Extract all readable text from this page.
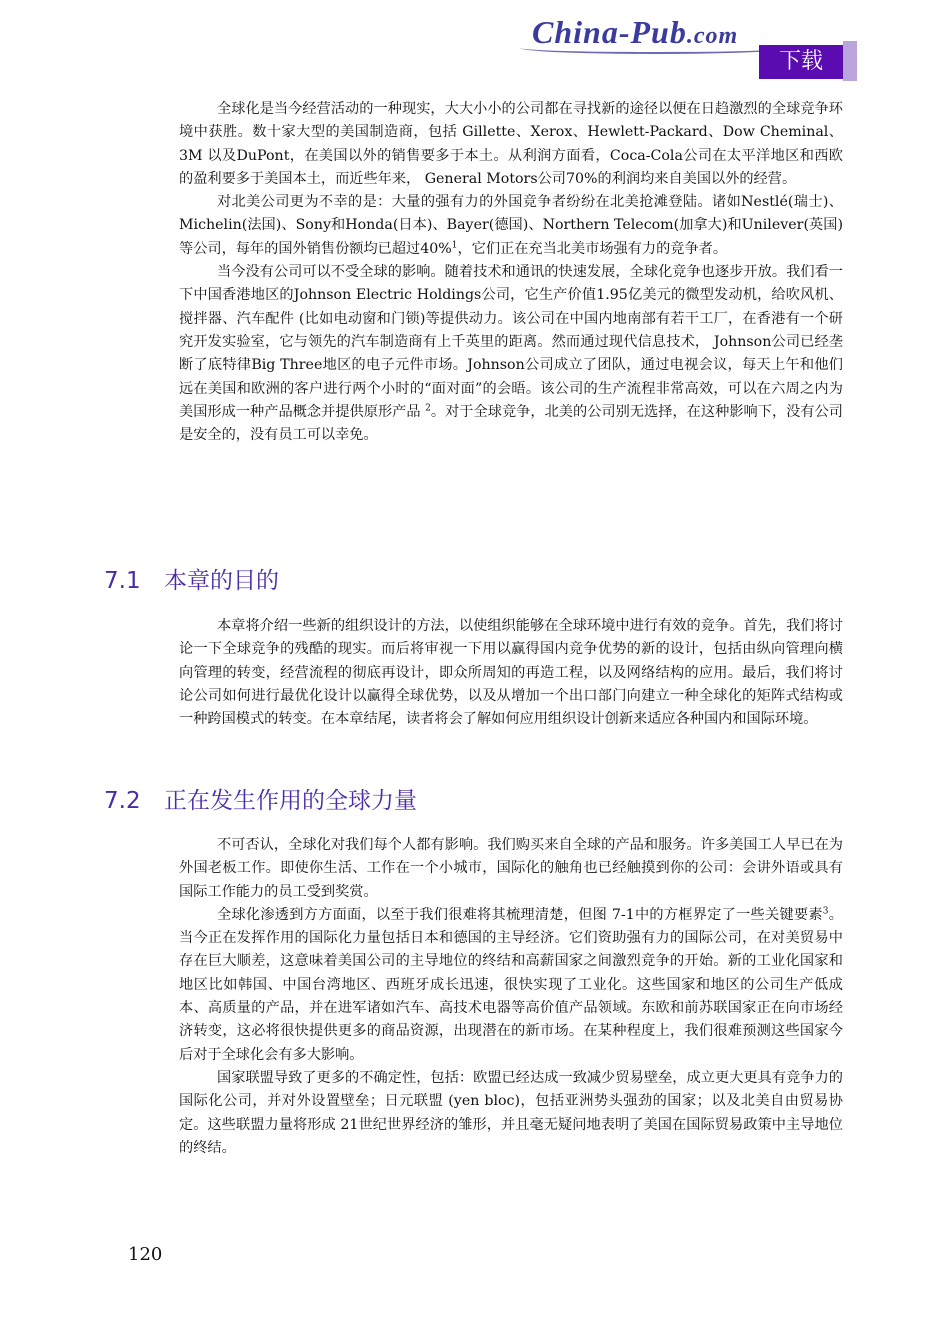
China-Pub.com
下载

全球化是当今经营活动的一种现实，大大小小的公司都在寻找新的途径以便在日趋激烈的全球竞争环境中获胜。数十家大型的美国制造商，包括 Gillette、Xerox、Hewlett-Packard、Dow Cheminal、3M 以及DuPont，在美国以外的销售要多于本土。从利润方面看，Coca-Cola公司在太平洋地区和西欧的盈利要多于美国本土，而近些年来， General Motors公司70%的利润均来自美国以外的经营。

对北美公司更为不幸的是：大量的强有力的外国竞争者纷纷在北美抢滩登陆。诸如Nestlé(瑞士)、Michelin(法国)、Sony和Honda(日本)、Bayer(德国)、Northern Telecom(加拿大)和Unilever(英国)等公司，每年的国外销售份额均已超过40%$^1$，它们正在充当北美市场强有力的竞争者。

当今没有公司可以不受全球的影响。随着技术和通讯的快速发展，全球化竞争也逐步开放。我们看一下中国香港地区的Johnson Electric Holdings公司，它生产价值1.95亿美元的微型发动机，给吹风机、搅拌器、汽车配件 (比如电动窗和门锁)等提供动力。该公司在中国内地南部有若干工厂，在香港有一个研究开发实验室，它与领先的汽车制造商有上千英里的距离。然而通过现代信息技术， Johnson公司已经垄断了底特律Big Three地区的电子元件市场。Johnson公司成立了团队，通过电视会议，每天上午和他们远在美国和欧洲的客户进行两个小时的“面对面”的会晤。该公司的生产流程非常高效，可以在六周之内为美国形成一种产品概念并提供原形产品 $^2$。对于全球竞争，北美的公司别无选择，在这种影响下，没有公司是安全的，没有员工可以幸免。

7.1 本章的目的

本章将介绍一些新的组织设计的方法，以使组织能够在全球环境中进行有效的竞争。首先，我们将讨论一下全球竞争的残酷的现实。而后将审视一下用以赢得国内竞争优势的新的设计，包括由纵向管理向横向管理的转变，经营流程的彻底再设计，即众所周知的再造工程，以及网络结构的应用。最后，我们将讨论公司如何进行最优化设计以赢得全球优势，以及从增加一个出口部门向建立一种全球化的矩阵式结构或一种跨国模式的转变。在本章结尾，读者将会了解如何应用组织设计创新来适应各种国内和国际环境。

7.2 正在发生作用的全球力量

不可否认，全球化对我们每个人都有影响。我们购买来自全球的产品和服务。许多美国工人早已在为外国老板工作。即使你生活、工作在一个小城市，国际化的触角也已经触摸到你的公司：会讲外语或具有国际工作能力的员工受到奖赏。

全球化渗透到方方面面，以至于我们很难将其梳理清楚，但图 7-1中的方框界定了一些关键要素$^3$。当今正在发挥作用的国际化力量包括日本和德国的主导经济。它们资助强有力的国际公司，在对美贸易中存在巨大顺差，这意味着美国公司的主导地位的终结和高薪国家之间激烈竞争的开始。新的工业化国家和地区比如韩国、中国台湾地区、西班牙成长迅速，很快实现了工业化。这些国家和地区的公司生产低成本、高质量的产品，并在进军诸如汽车、高技术电器等高价值产品领域。东欧和前苏联国家正在向市场经济转变，这必将很快提供更多的商品资源，出现潜在的新市场。在某种程度上，我们很难预测这些国家今后对于全球化会有多大影响。

国家联盟导致了更多的不确定性，包括：欧盟已经达成一致减少贸易壁垒，成立更大更具有竞争力的国际化公司，并对外设置壁垒；日元联盟 (yen bloc)，包括亚洲势头强劲的国家；以及北美自由贸易协定。这些联盟力量将形成 21世纪世界经济的雏形，并且毫无疑问地表明了美国在国际贸易政策中主导地位的终结。

120
